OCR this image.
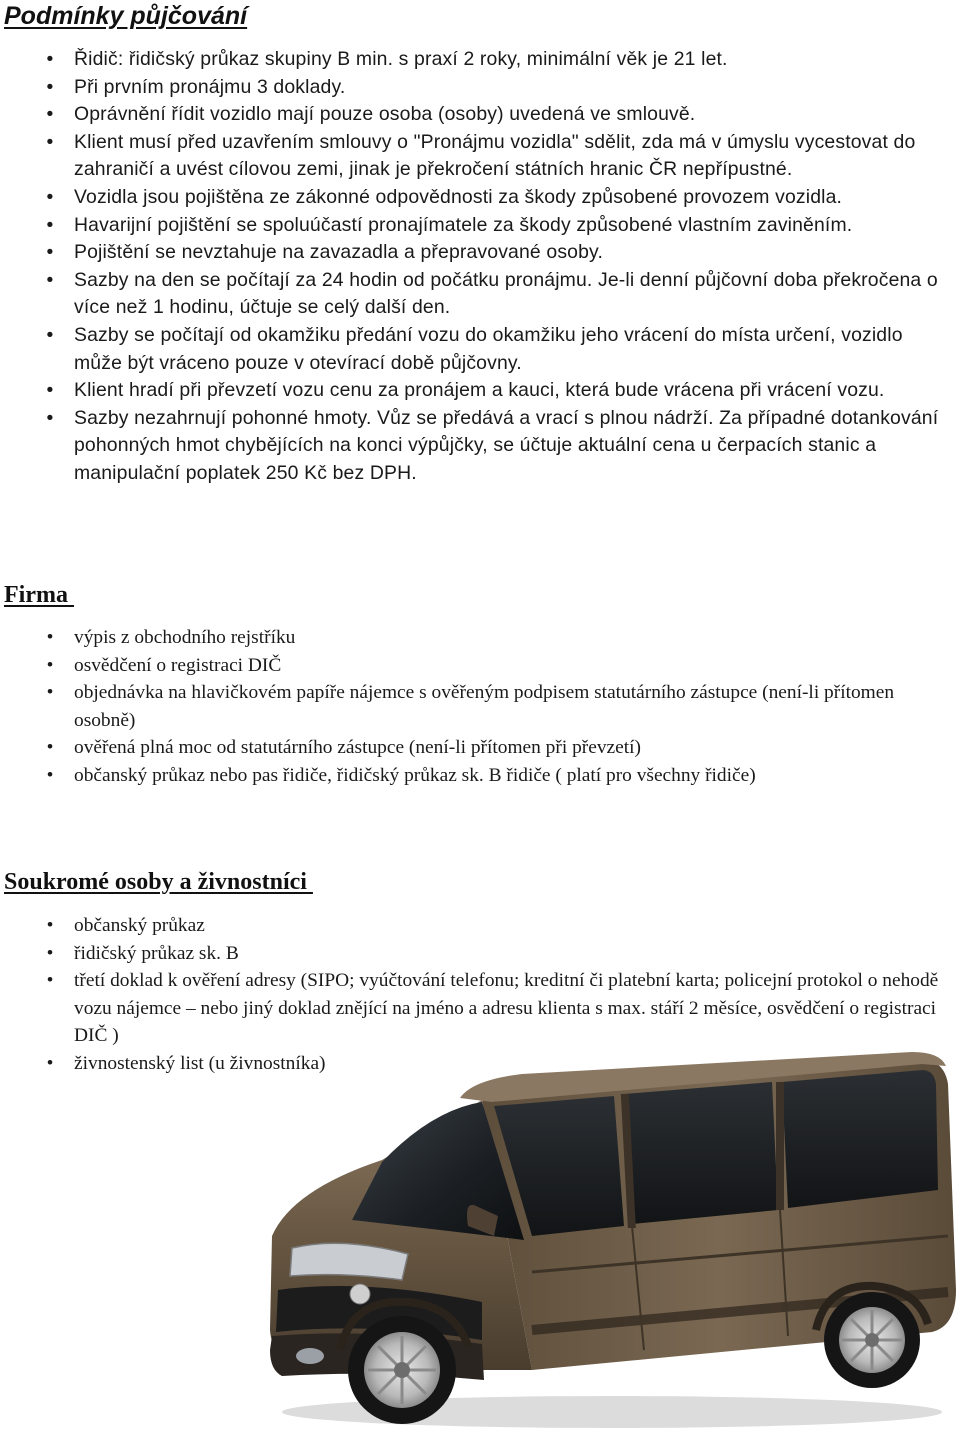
Podmínky půjčování
•	Řidič: řidičský průkaz skupiny B min. s praxí 2 roky, minimální věk je 21 let.
•	Při prvním pronájmu 3 doklady.
•	Oprávnění řídit vozidlo mají pouze osoba (osoby) uvedená ve smlouvě.
•	Klient musí před uzavřením smlouvy o "Pronájmu vozidla" sdělit, zda má v úmyslu vycestovat do zahraničí a uvést cílovou zemi, jinak je překročení státních hranic ČR nepřípustné.
•	Vozidla jsou pojištěna ze zákonné odpovědnosti za škody způsobené provozem vozidla.
•	Havarijní pojištění se spoluúčastí pronajímatele za škody způsobené vlastním zaviněním.
•	Pojištění se nevztahuje na zavazadla a přepravované osoby.
•	Sazby na den se počítají za 24 hodin od počátku pronájmu. Je-li denní půjčovní doba překročena o více než 1 hodinu, účtuje se celý další den.
•	Sazby se počítají od okamžiku předání vozu do okamžiku jeho vrácení do místa určení, vozidlo může být vráceno pouze v otevírací době půjčovny.
•	Klient hradí při převzetí vozu cenu za pronájem a kauci, která bude vrácena při vrácení vozu.
•	Sazby nezahrnují pohonné hmoty. Vůz se předává a vrací s plnou nádrží. Za případné dotankování pohonných hmot chybějících na konci výpůjčky, se účtuje aktuální cena u čerpacích stanic a manipulační poplatek 250 Kč bez DPH.
Firma
•	výpis z obchodního rejstříku
•	osvědčení o registraci DIČ
•	objednávka na hlavičkovém papíře nájemce s ověřeným podpisem statutárního zástupce (není-li přítomen osobně)
•	ověřená plná moc od statutárního zástupce (není-li přítomen při převzetí)
•	občanský průkaz nebo pas řidiče, řidičský průkaz sk. B řidiče ( platí pro všechny řidiče)
Soukromé osoby a živnostníci
•	občanský průkaz
•	řidičský průkaz sk. B
•	třetí doklad k ověření adresy (SIPO; vyúčtování telefonu; kreditní či platební karta; policejní protokol o nehodě vozu nájemce – nebo jiný doklad znějící na jméno a adresu klienta s max. stáří 2 měsíce, osvědčení o registraci DIČ )
•	živnostenský list (u živnostníka)
